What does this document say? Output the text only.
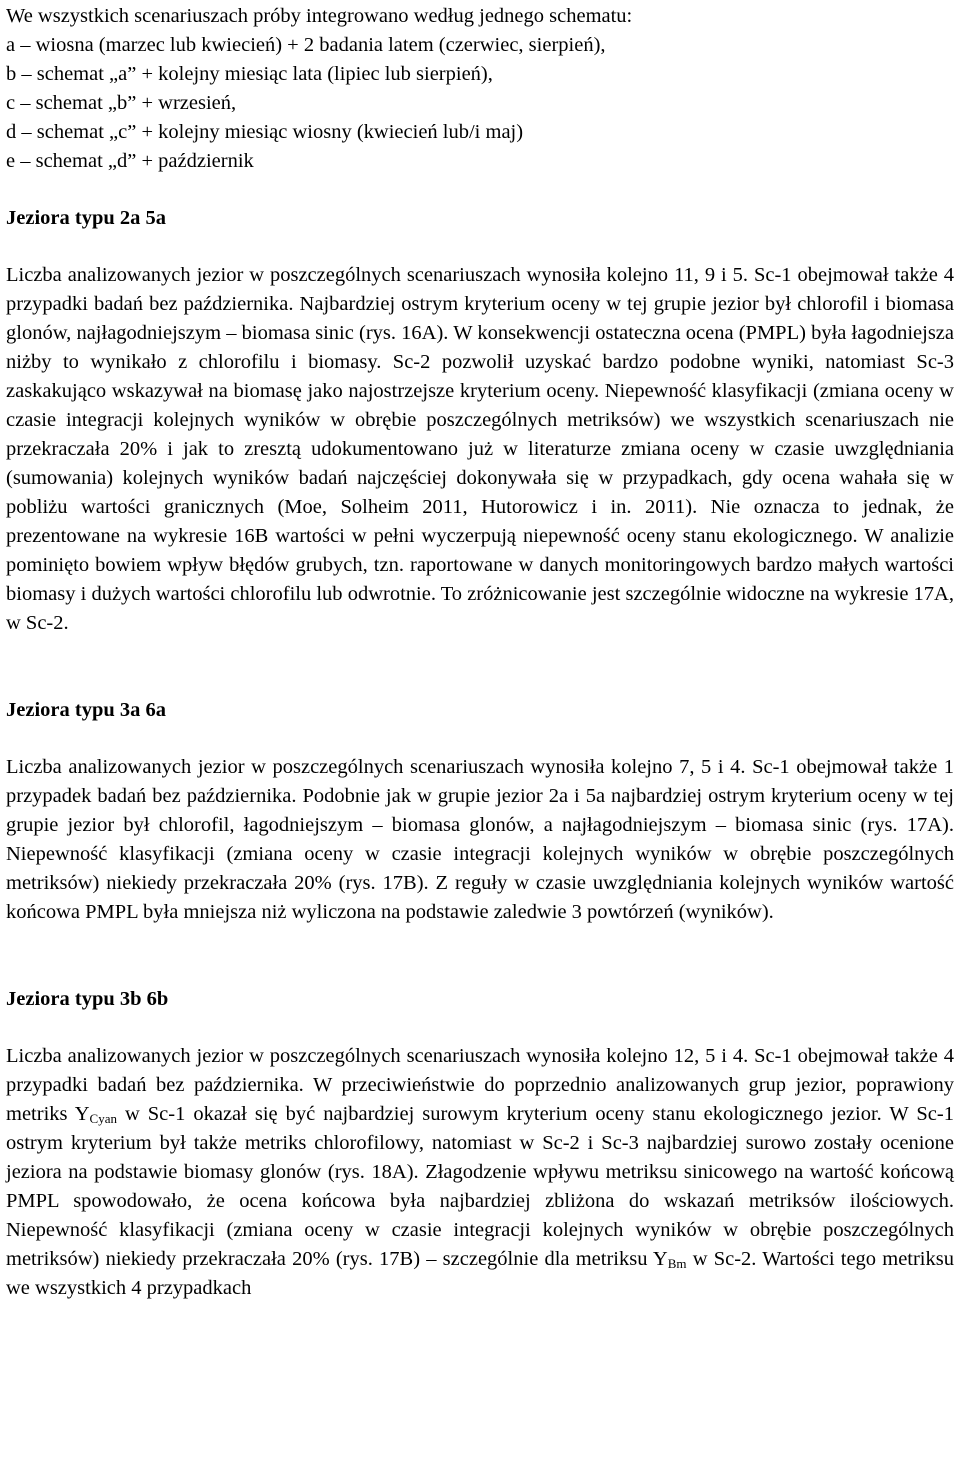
We wszystkich scenariuszach próby integrowano według jednego schematu:
a – wiosna (marzec lub kwiecień) + 2 badania latem (czerwiec, sierpień),
b – schemat „a” + kolejny miesiąc lata (lipiec lub sierpień),
c – schemat „b” + wrzesień,
d – schemat „c” + kolejny miesiąc wiosny (kwiecień lub/i maj)
e – schemat „d” + październik
Jeziora typu 2a 5a

Liczba analizowanych jezior w poszczególnych scenariuszach wynosiła kolejno 11, 9 i 5. Sc-1 obejmował także 4 przypadki badań bez października. Najbardziej ostrym kryterium oceny w tej grupie jezior był chlorofil i biomasa glonów, najłagodniejszym – biomasa sinic (rys. 16A). W konsekwencji ostateczna ocena (PMPL) była łagodniejsza niżby to wynikało z chlorofilu i biomasy. Sc-2 pozwolił uzyskać bardzo podobne wyniki, natomiast Sc-3 zaskakująco wskazywał na biomasę jako najostrzejsze kryterium oceny. Niepewność klasyfikacji (zmiana oceny w czasie integracji kolejnych wyników w obrębie poszczególnych metriksów) we wszystkich scenariuszach nie przekraczała 20% i jak to zresztą udokumentowano już w literaturze zmiana oceny w czasie uwzględniania (sumowania) kolejnych wyników badań najczęściej dokonywała się w przypadkach, gdy ocena wahała się w pobliżu wartości granicznych (Moe, Solheim 2011, Hutorowicz i in. 2011). Nie oznacza to jednak, że prezentowane na wykresie 16B wartości w pełni wyczerpują niepewność oceny stanu ekologicznego. W analizie pominięto bowiem wpływ błędów grubych, tzn. raportowane w danych monitoringowych bardzo małych wartości biomasy i dużych wartości chlorofilu lub odwrotnie. To zróżnicowanie jest szczególnie widoczne na wykresie 17A, w Sc-2.

Jeziora typu 3a 6a

Liczba analizowanych jezior w poszczególnych scenariuszach wynosiła kolejno 7, 5 i 4. Sc-1 obejmował także 1 przypadek badań bez października. Podobnie jak w grupie jezior 2a i 5a najbardziej ostrym kryterium oceny w tej grupie jezior był chlorofil, łagodniejszym – biomasa glonów, a najłagodniejszym – biomasa sinic (rys. 17A). Niepewność klasyfikacji (zmiana oceny w czasie integracji kolejnych wyników w obrębie poszczególnych metriksów) niekiedy przekraczała 20% (rys. 17B). Z reguły w czasie uwzględniania kolejnych wyników wartość końcowa PMPL była mniejsza niż wyliczona na podstawie zaledwie 3 powtórzeń (wyników).

Jeziora typu 3b 6b

Liczba analizowanych jezior w poszczególnych scenariuszach wynosiła kolejno 12, 5 i 4. Sc-1 obejmował także 4 przypadki badań bez października. W przeciwieństwie do poprzednio analizowanych grup jezior, poprawiony metriks $Y_{Cyan}$ w Sc-1 okazał się być najbardziej surowym kryterium oceny stanu ekologicznego jezior. W Sc-1 ostrym kryterium był także metriks chlorofilowy, natomiast w Sc-2 i Sc-3 najbardziej surowo zostały ocenione jeziora na podstawie biomasy glonów (rys. 18A). Złagodzenie wpływu metriksu sinicowego na wartość końcową PMPL spowodowało, że ocena końcowa była najbardziej zbliżona do wskazań metriksów ilościowych. Niepewność klasyfikacji (zmiana oceny w czasie integracji kolejnych wyników w obrębie poszczególnych metriksów) niekiedy przekraczała 20% (rys. 17B) – szczególnie dla metriksu $Y_{Bm}$ w Sc-2. Wartości tego metriksu we wszystkich 4 przypadkach
